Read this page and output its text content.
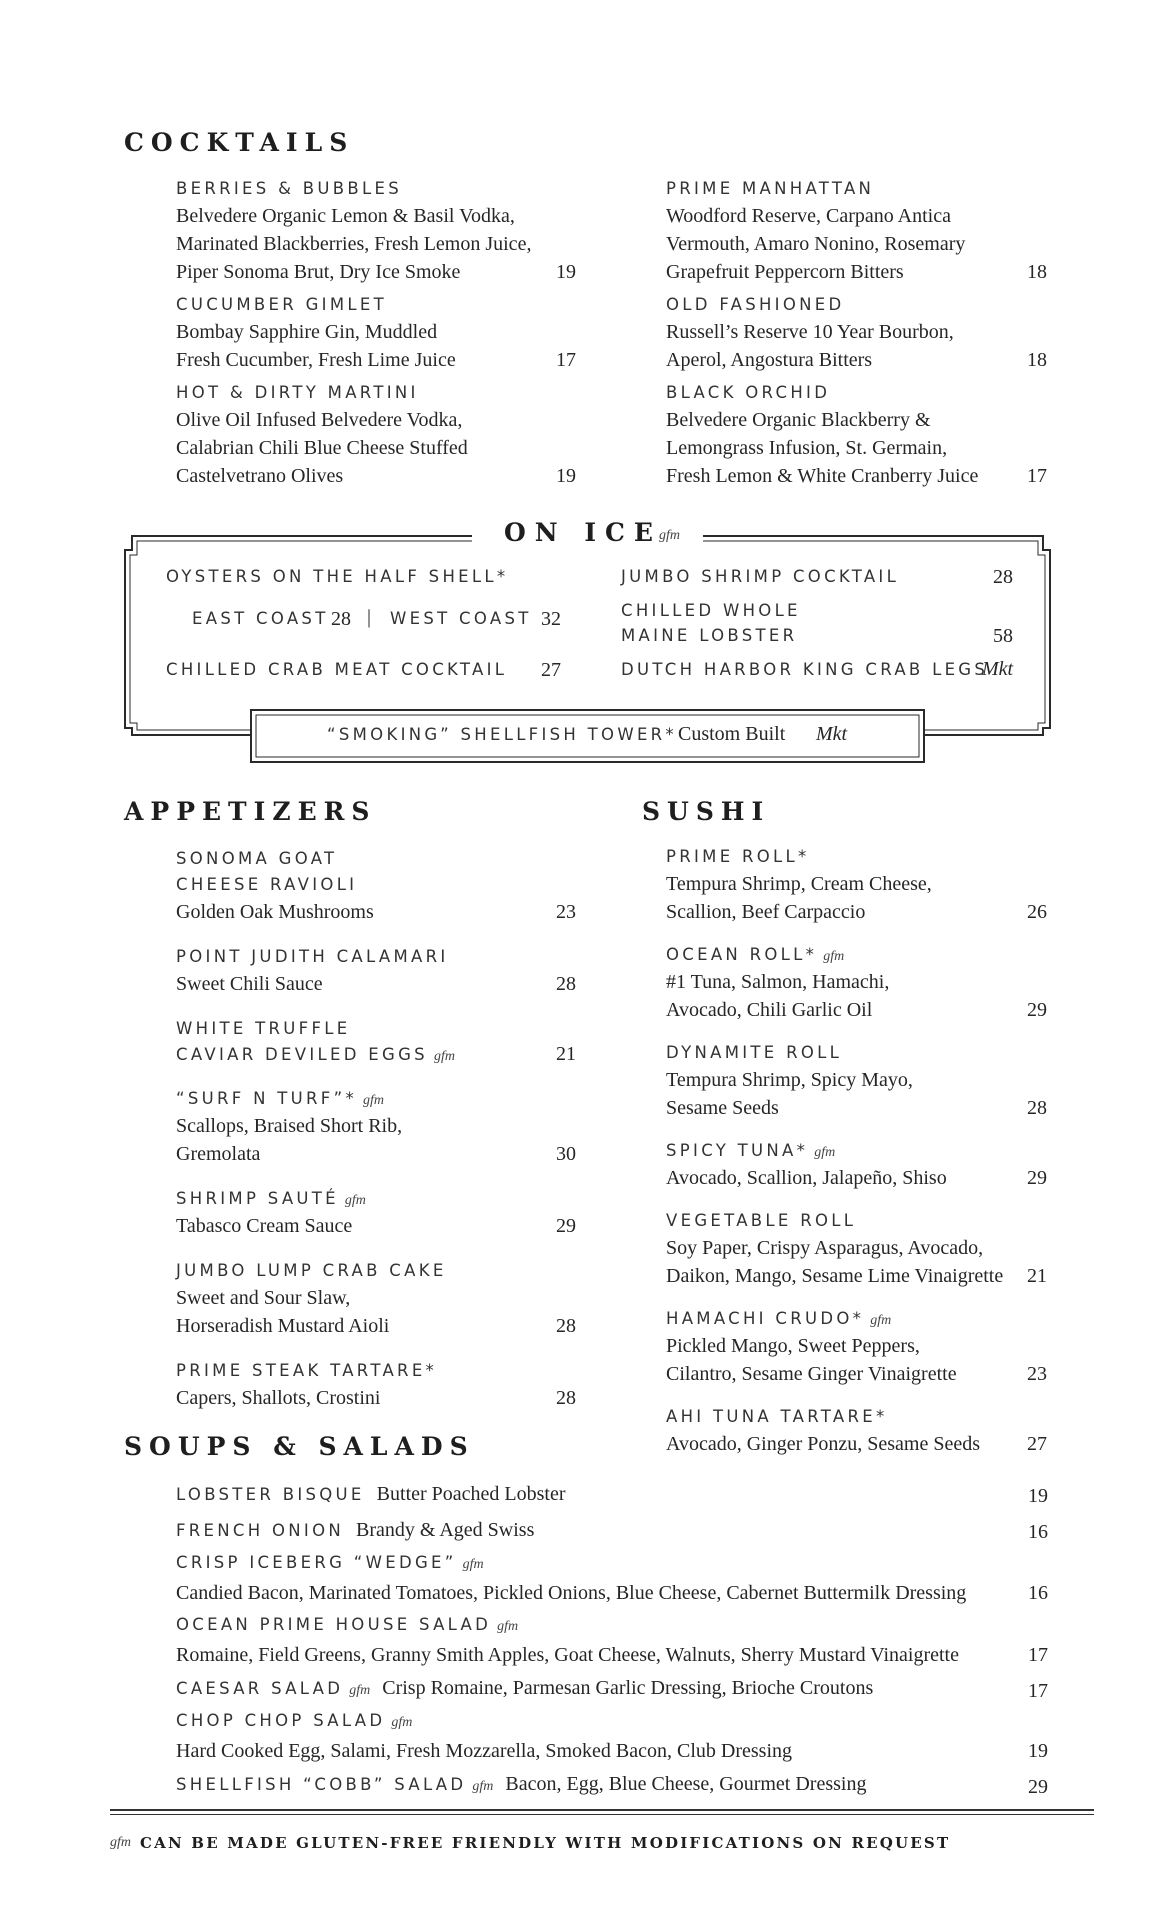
COCKTAILS
BERRIES & BUBBLES
Belvedere Organic Lemon & Basil Vodka,
Marinated Blackberries, Fresh Lemon Juice,
Piper Sonoma Brut, Dry Ice Smoke	19
CUCUMBER GIMLET
Bombay Sapphire Gin, Muddled
Fresh Cucumber, Fresh Lime Juice	17
HOT & DIRTY MARTINI
Olive Oil Infused Belvedere Vodka,
Calabrian Chili Blue Cheese Stuffed
Castelvetrano Olives	19
PRIME MANHATTAN
Woodford Reserve, Carpano Antica
Vermouth, Amaro Nonino, Rosemary
Grapefruit Peppercorn Bitters	18
OLD FASHIONED
Russell’s Reserve 10 Year Bourbon,
Aperol, Angostura Bitters	18
BLACK ORCHID
Belvedere Organic Blackberry &
Lemongrass Infusion, St. Germain,
Fresh Lemon & White Cranberry Juice	17
ON ICE
gfm
OYSTERS ON THE HALF SHELL*
EAST COAST 28 | WEST COAST 32
CHILLED CRAB MEAT COCKTAIL 27
JUMBO SHRIMP COCKTAIL	28
CHILLED WHOLE
MAINE LOBSTER	58
DUTCH HARBOR KING CRAB LEGS
Mkt
“SMOKING” SHELLFISH TOWER* Custom Built Mkt
APPETIZERS
SONOMA GOAT
CHEESE RAVIOLI
Golden Oak Mushrooms	23
POINT JUDITH CALAMARI
Sweet Chili Sauce	28
WHITE TRUFFLE
CAVIAR DEVILED EGGS gfm	21
“SURF N TURF”* gfm
Scallops, Braised Short Rib,
Gremolata	30
SHRIMP SAUTÉ gfm
Tabasco Cream Sauce	29
JUMBO LUMP CRAB CAKE
Sweet and Sour Slaw,
Horseradish Mustard Aioli	28
PRIME STEAK TARTARE*
Capers, Shallots, Crostini	28
SUSHI
PRIME ROLL*
Tempura Shrimp, Cream Cheese,
Scallion, Beef Carpaccio	26
OCEAN ROLL* gfm
#1 Tuna, Salmon, Hamachi,
Avocado, Chili Garlic Oil	29
DYNAMITE ROLL
Tempura Shrimp, Spicy Mayo,
Sesame Seeds	28
SPICY TUNA* gfm
Avocado, Scallion, Jalapeño, Shiso	29
VEGETABLE ROLL
Soy Paper, Crispy Asparagus, Avocado,
Daikon, Mango, Sesame Lime Vinaigrette	21
HAMACHI CRUDO* gfm
Pickled Mango, Sweet Peppers,
Cilantro, Sesame Ginger Vinaigrette	23
AHI TUNA TARTARE*
Avocado, Ginger Ponzu, Sesame Seeds	27
SOUPS & SALADS
LOBSTER BISQUE Butter Poached Lobster	19
FRENCH ONION Brandy & Aged Swiss	16
CRISP ICEBERG “WEDGE” gfm
Candied Bacon, Marinated Tomatoes, Pickled Onions, Blue Cheese, Cabernet Buttermilk Dressing	16
OCEAN PRIME HOUSE SALAD gfm
Romaine, Field Greens, Granny Smith Apples, Goat Cheese, Walnuts, Sherry Mustard Vinaigrette	17
CAESAR SALAD gfm Crisp Romaine, Parmesan Garlic Dressing, Brioche Croutons	17
CHOP CHOP SALAD gfm
Hard Cooked Egg, Salami, Fresh Mozzarella, Smoked Bacon, Club Dressing	19
SHELLFISH “COBB” SALAD gfm Bacon, Egg, Blue Cheese, Gourmet Dressing	29
gfm CAN BE MADE GLUTEN-FREE FRIENDLY WITH MODIFICATIONS ON REQUEST
